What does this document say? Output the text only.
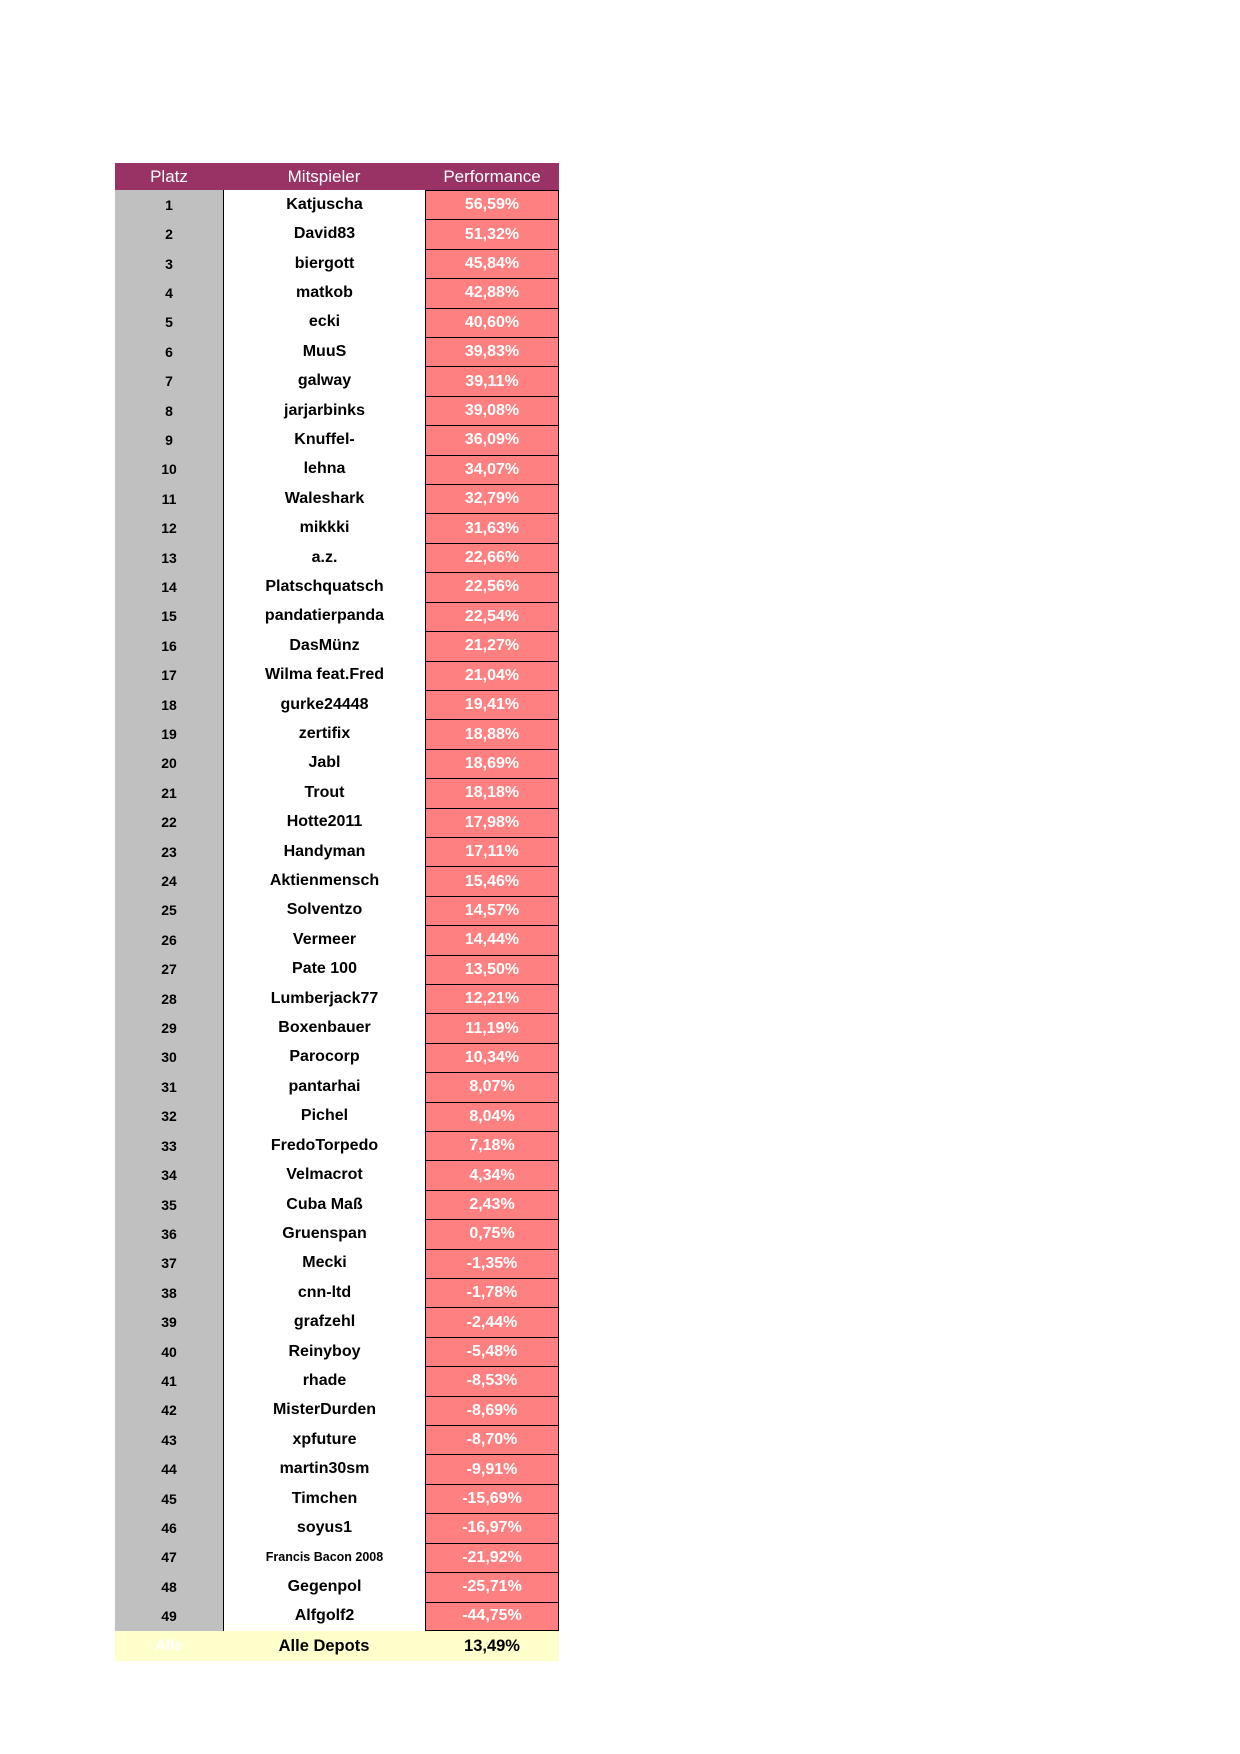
Platz	Mitspieler	Performance
1	Katjuscha	56,59%
2	David83	51,32%
3	biergott	45,84%
4	matkob	42,88%
5	ecki	40,60%
6	MuuS	39,83%
7	galway	39,11%
8	jarjarbinks	39,08%
9	Knuffel-	36,09%
10	lehna	34,07%
11	Waleshark	32,79%
12	mikkki	31,63%
13	a.z.	22,66%
14	Platschquatsch	22,56%
15	pandatierpanda	22,54%
16	DasMünz	21,27%
17	Wilma feat.Fred	21,04%
18	gurke24448	19,41%
19	zertifix	18,88%
20	Jabl	18,69%
21	Trout	18,18%
22	Hotte2011	17,98%
23	Handyman	17,11%
24	Aktienmensch	15,46%
25	Solventzo	14,57%
26	Vermeer	14,44%
27	Pate 100	13,50%
28	Lumberjack77	12,21%
29	Boxenbauer	11,19%
30	Parocorp	10,34%
31	pantarhai	8,07%
32	Pichel	8,04%
33	FredoTorpedo	7,18%
34	Velmacrot	4,34%
35	Cuba Maß	2,43%
36	Gruenspan	0,75%
37	Mecki	-1,35%
38	cnn-ltd	-1,78%
39	grafzehl	-2,44%
40	Reinyboy	-5,48%
41	rhade	-8,53%
42	MisterDurden	-8,69%
43	xpfuture	-8,70%
44	martin30sm	-9,91%
45	Timchen	-15,69%
46	soyus1	-16,97%
47	Francis Bacon 2008	-21,92%
48	Gegenpol	-25,71%
49	Alfgolf2	-44,75%
Alle	Alle Depots	13,49%
